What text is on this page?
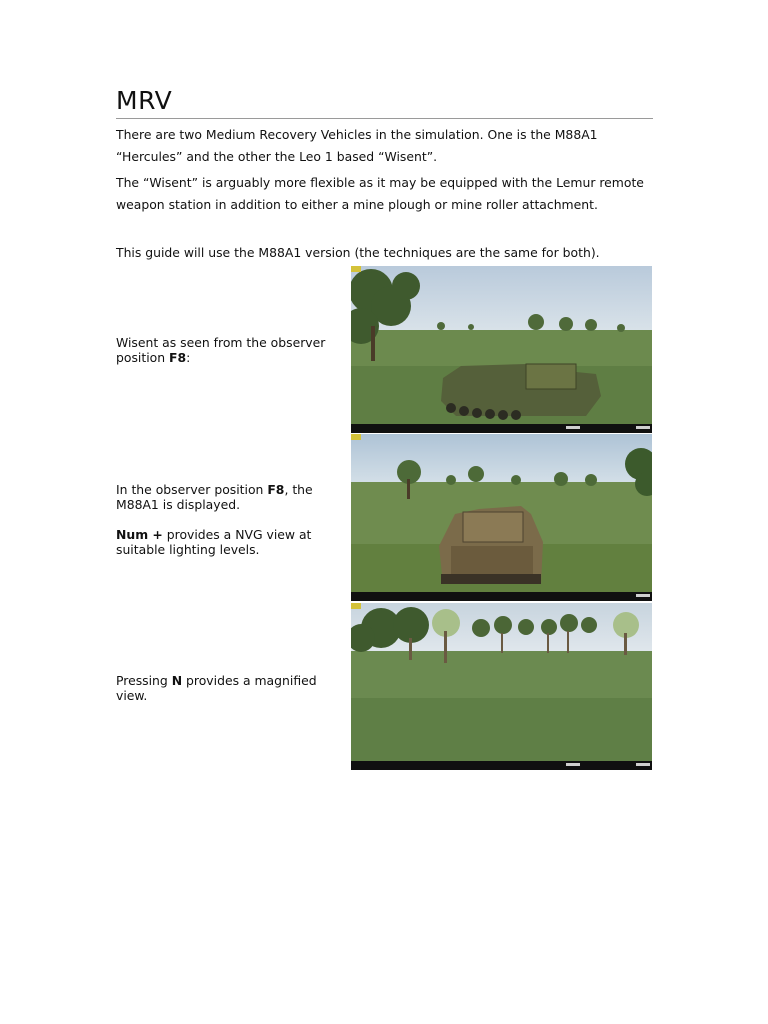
MRV
There are two Medium Recovery Vehicles in the simulation. One is the M88A1 “Hercules” and the other the Leo 1 based “Wisent”.
The “Wisent” is arguably more flexible as it may be equipped with the Lemur remote weapon station in addition to either a mine plough or mine roller attachment.
This guide will use the M88A1 version (the techniques are the same for both).

Wisent as seen from the observer position F8:

In the observer position F8, the M88A1 is displayed.

Num + provides a NVG view at suitable lighting levels.

Pressing N provides a magnified view.
